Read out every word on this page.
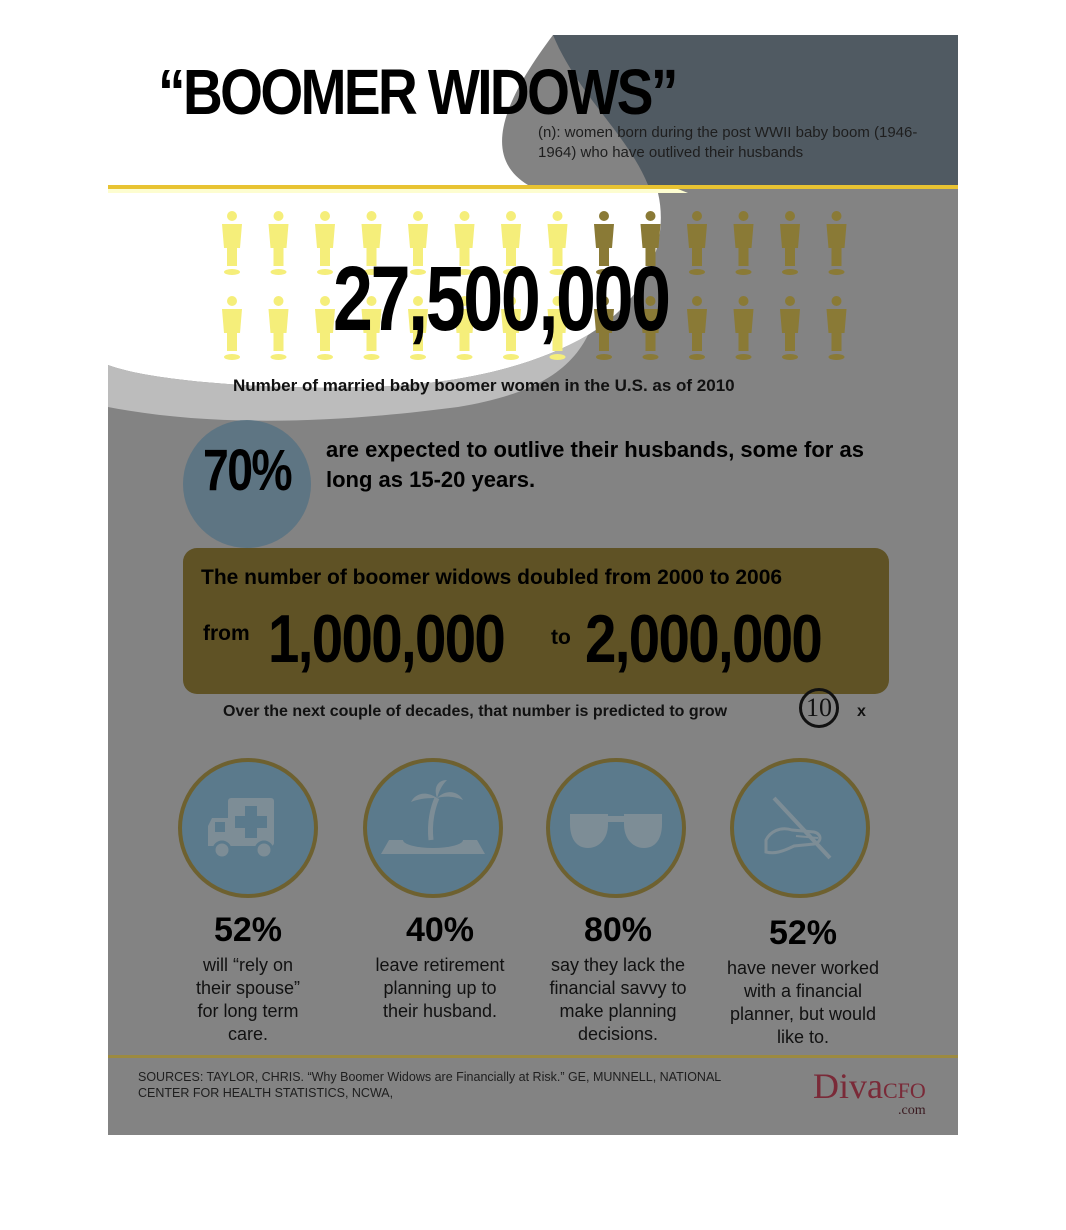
“BOOMER WIDOWS”
(n): women born during the post WWII baby boom (1946-1964) who have outlived their husbands
27,500,000
Number of married baby boomer women in the U.S. as of 2010
70% are expected to outlive their husbands, some for as long as 15-20 years.
The number of boomer widows doubled from 2000 to 2006
from 1,000,000 to 2,000,000
Over the next couple of decades, that number is predicted to grow	10	x
52%
will “rely on their spouse” for long term care.
40%
leave retirement planning up to their husband.
80%
say they lack the financial savvy to make planning decisions.
52%
have never worked with a financial planner, but would like to.
SOURCES: TAYLOR, CHRIS. “Why Boomer Widows are Financially at Risk.” GE, MUNNELL, NATIONAL CENTER FOR HEALTH STATISTICS, NCWA,	DivaCFO
.com
